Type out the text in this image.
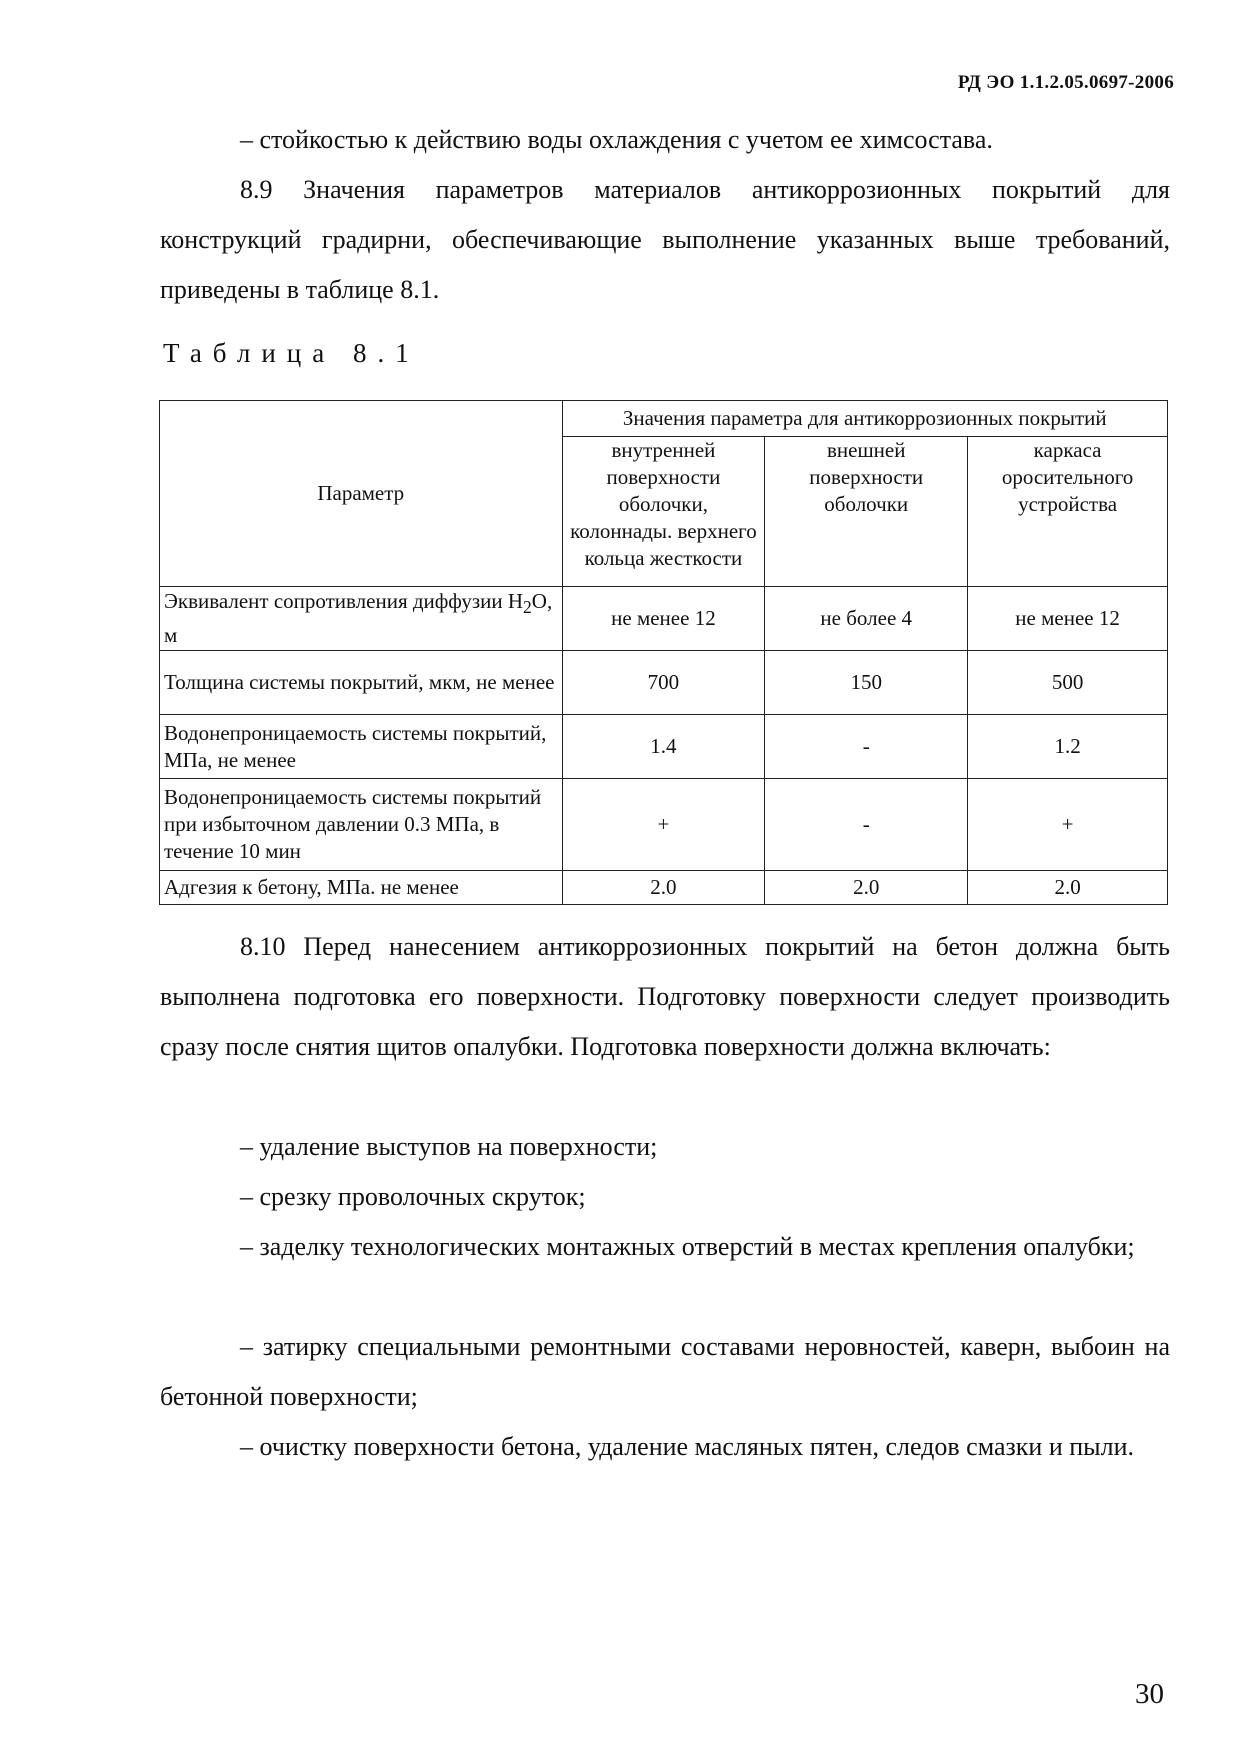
РД ЭО 1.1.2.05.0697-2006

– стойкостью к действию воды охлаждения с учетом ее химсостава.

8.9 Значения параметров материалов антикоррозионных покрытий для конструкций градирни, обеспечивающие выполнение указанных выше требований, приведены в таблице 8.1.

Таблица 8.1

Параметр	Значения параметра для антикоррозионных покрытий		
	внутренней поверхности оболочки, колоннады. верхнего кольца жесткости	внешней поверхности оболочки	каркаса оросительного устройства
Эквивалент сопротивления диффузии $H_2O$, м	не менее 12	не более 4	не менее 12
Толщина системы покрытий, мкм, не менее	700	150	500
Водонепроницаемость системы покрытий, МПа, не менее	1.4	-	1.2
Водонепроницаемость системы покрытий при избыточном давлении 0.3 МПа, в течение 10 мин	+	-	+
Адгезия к бетону, МПа. не менее	2.0	2.0	2.0

8.10 Перед нанесением антикоррозионных покрытий на бетон должна быть выполнена подготовка его поверхности. Подготовку поверхности следует производить сразу после снятия щитов опалубки. Подготовка поверхности должна включать:

– удаление выступов на поверхности;

– срезку проволочных скруток;

– заделку технологических монтажных отверстий в местах крепления опалубки;

– затирку специальными ремонтными составами неровностей, каверн, выбоин на бетонной поверхности;

– очистку поверхности бетона, удаление масляных пятен, следов смазки и пыли.

30
